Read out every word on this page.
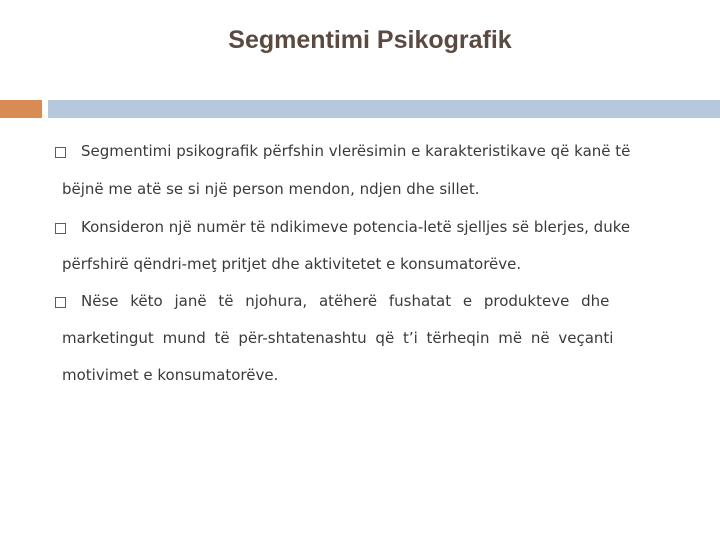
Segmentimi Psikografik
Segmentimi psikografik përfshin vlerësimin e karakteristikave që kanë të
bëjnë me atë se si një person mendon, ndjen dhe sillet.
Konsideron një numër të ndikimeve potencia-letë sjelljes së blerjes, duke
përfshirë qëndri-meţ pritjet dhe aktivitetet e konsumatorëve.
Nëse këto janë të njohura, atëherë fushatat e produkteve dhe
marketingut mund të për-shtatenashtu që t’i tërheqin më në veçanti
motivimet e konsumatorëve.
